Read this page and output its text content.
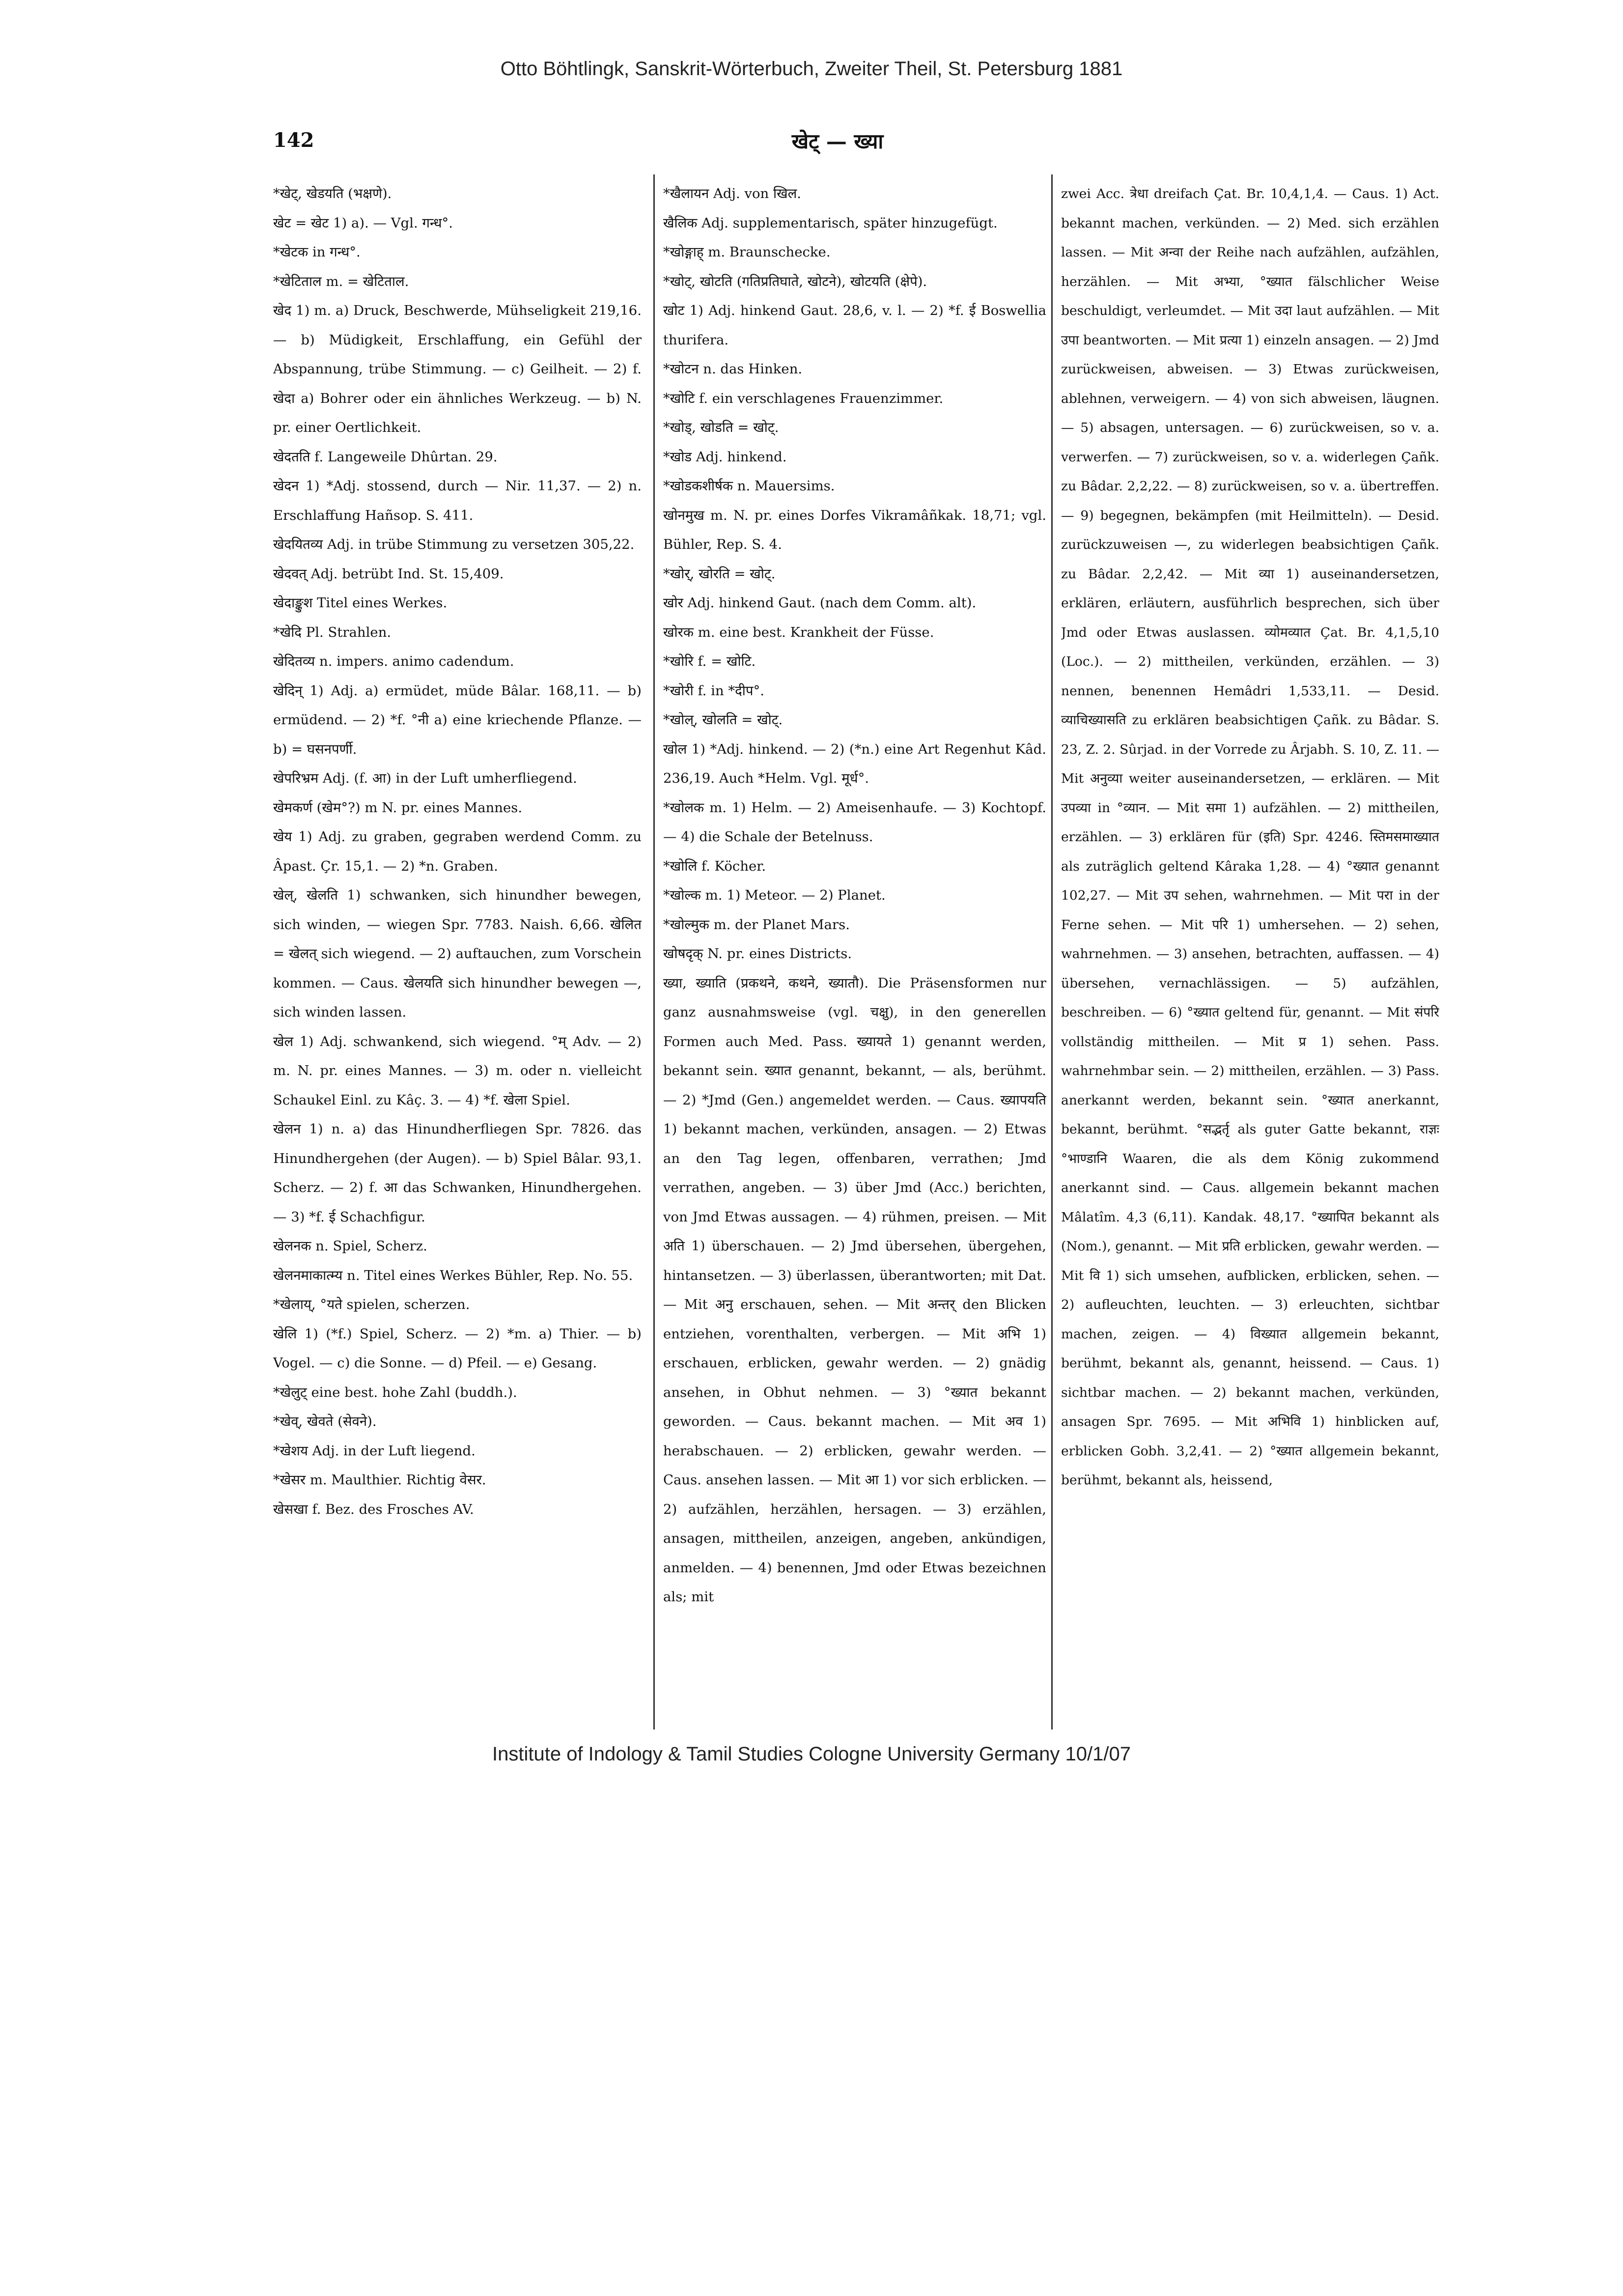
Otto Böhtlingk, Sanskrit-Wörterbuch, Zweiter Theil, St. Petersburg 1881
142	खेट् — ख्या

*खेट्, खेडयति (भक्षणे).

खेट = खेट 1) a). — Vgl. गन्ध°.

*खेटक in गन्ध°.

*खेटिताल m. = खेटिताल.

खेद 1) m. a) Druck, Beschwerde, Mühseligkeit 219,16. — b) Müdigkeit, Erschlaffung, ein Gefühl der Abspannung, trübe Stimmung. — c) Geilheit. — 2) f. खेदा a) Bohrer oder ein ähnliches Werkzeug. — b) N. pr. einer Oertlichkeit.

खेदतति f. Langeweile Dhûrtan. 29.

खेदन 1) *Adj. stossend, durch — Nir. 11,37. — 2) n. Erschlaffung Hañsop. S. 411.

खेदयितव्य Adj. in trübe Stimmung zu versetzen 305,22.

खेदवत् Adj. betrübt Ind. St. 15,409.

खेदाङ्कुश Titel eines Werkes.

*खेदि Pl. Strahlen.

खेदितव्य n. impers. animo cadendum.

खेदिन् 1) Adj. a) ermüdet, müde Bâlar. 168,11. — b) ermüdend. — 2) *f. °नी a) eine kriechende Pflanze. — b) = घसनपर्णी.

खेपरिभ्रम Adj. (f. आ) in der Luft umherfliegend.

खेमकर्ण (खेम°?) m N. pr. eines Mannes.

खेय 1) Adj. zu graben, gegraben werdend Comm. zu Âpast. Çr. 15,1. — 2) *n. Graben.

खेल्, खेलति 1) schwanken, sich hinundher bewegen, sich winden, — wiegen Spr. 7783. Naish. 6,66. खेलित = खेलत् sich wiegend. — 2) auftauchen, zum Vorschein kommen. — Caus. खेलयति sich hinundher bewegen —, sich winden lassen.

खेल 1) Adj. schwankend, sich wiegend. °म् Adv. — 2) m. N. pr. eines Mannes. — 3) m. oder n. vielleicht Schaukel Einl. zu Kâç. 3. — 4) *f. खेला Spiel.

खेलन 1) n. a) das Hinundherfliegen Spr. 7826. das Hinundhergehen (der Augen). — b) Spiel Bâlar. 93,1. Scherz. — 2) f. आ das Schwanken, Hinundhergehen. — 3) *f. ई Schachfigur.

खेलनक n. Spiel, Scherz.

खेलनमाकात्म्य n. Titel eines Werkes Bühler, Rep. No. 55.

*खेलाय्, °यते spielen, scherzen.

खेलि 1) (*f.) Spiel, Scherz. — 2) *m. a) Thier. — b) Vogel. — c) die Sonne. — d) Pfeil. — e) Gesang.

*खेलुट् eine best. hohe Zahl (buddh.).

*खेव्, खेवते (सेवने).

*खेशय Adj. in der Luft liegend.

*खेसर m. Maulthier. Richtig वेसर.

खेसखा f. Bez. des Frosches AV.

*खैलायन Adj. von खिल.

खैलिक Adj. supplementarisch, später hinzugefügt.

*खोङ्गाह् m. Braunschecke.

*खोट्, खोटति (गतिप्रतिघाते, खोटने), खोटयति (क्षेपे).

खोट 1) Adj. hinkend Gaut. 28,6, v. l. — 2) *f. ई Boswellia thurifera.

*खोटन n. das Hinken.

*खोटि f. ein verschlagenes Frauenzimmer.

*खोड्, खोडति = खोट्.

*खोड Adj. hinkend.

*खोडकशीर्षक n. Mauersims.

खोनमुख m. N. pr. eines Dorfes Vikramâñkak. 18,71; vgl. Bühler, Rep. S. 4.

*खोर्, खोरति = खोट्.

खोर Adj. hinkend Gaut. (nach dem Comm. alt).

खोरक m. eine best. Krankheit der Füsse.

*खोरि f. = खोटि.

*खोरी f. in *दीप°.

*खोल्, खोलति = खोट्.

खोल 1) *Adj. hinkend. — 2) (*n.) eine Art Regenhut Kâd. 236,19. Auch *Helm. Vgl. मूर्ध°.

*खोलक m. 1) Helm. — 2) Ameisenhaufe. — 3) Kochtopf. — 4) die Schale der Betelnuss.

*खोलि f. Köcher.

*खोल्क m. 1) Meteor. — 2) Planet.

*खोल्मुक m. der Planet Mars.

खोषदृक् N. pr. eines Districts.

ख्या, ख्याति (प्रकथने, कथने, ख्यातौ). Die Präsensformen nur ganz ausnahmsweise (vgl. चक्षु), in den generellen Formen auch Med. Pass. ख्यायते 1) genannt werden, bekannt sein. ख्यात genannt, bekannt, — als, berühmt. — 2) *Jmd (Gen.) angemeldet werden. — Caus. ख्यापयति 1) bekannt machen, verkünden, ansagen. — 2) Etwas an den Tag legen, offenbaren, verrathen; Jmd verrathen, angeben. — 3) über Jmd (Acc.) berichten, von Jmd Etwas aussagen. — 4) rühmen, preisen. — Mit अति 1) überschauen. — 2) Jmd übersehen, übergehen, hintansetzen. — 3) überlassen, überantworten; mit Dat. — Mit अनु erschauen, sehen. — Mit अन्तर् den Blicken entziehen, vorenthalten, verbergen. — Mit अभि 1) erschauen, erblicken, gewahr werden. — 2) gnädig ansehen, in Obhut nehmen. — 3) °ख्यात bekannt geworden. — Caus. bekannt machen. — Mit अव 1) herabschauen. — 2) erblicken, gewahr werden. — Caus. ansehen lassen. — Mit आ 1) vor sich erblicken. — 2) aufzählen, herzählen, hersagen. — 3) erzählen, ansagen, mittheilen, anzeigen, angeben, ankündigen, anmelden. — 4) benennen, Jmd oder Etwas bezeichnen als; mit

zwei Acc. त्रेधा dreifach Çat. Br. 10,4,1,4. — Caus. 1) Act. bekannt machen, verkünden. — 2) Med. sich erzählen lassen. — Mit अन्वा der Reihe nach aufzählen, aufzählen, herzählen. — Mit अभ्या, °ख्यात fälschlicher Weise beschuldigt, verleumdet. — Mit उदा laut aufzählen. — Mit उपा beantworten. — Mit प्रत्या 1) einzeln ansagen. — 2) Jmd zurückweisen, abweisen. — 3) Etwas zurückweisen, ablehnen, verweigern. — 4) von sich abweisen, läugnen. — 5) absagen, untersagen. — 6) zurückweisen, so v. a. verwerfen. — 7) zurückweisen, so v. a. widerlegen Çañk. zu Bâdar. 2,2,22. — 8) zurückweisen, so v. a. übertreffen. — 9) begegnen, bekämpfen (mit Heilmitteln). — Desid. zurückzuweisen —, zu widerlegen beabsichtigen Çañk. zu Bâdar. 2,2,42. — Mit व्या 1) auseinandersetzen, erklären, erläutern, ausführlich besprechen, sich über Jmd oder Etwas auslassen. व्योमव्यात Çat. Br. 4,1,5,10 (Loc.). — 2) mittheilen, verkünden, erzählen. — 3) nennen, benennen Hemâdri 1,533,11. — Desid. व्याचिख्यासति zu erklären beabsichtigen Çañk. zu Bâdar. S. 23, Z. 2. Sûrjad. in der Vorrede zu Ârjabh. S. 10, Z. 11. — Mit अनुव्या weiter auseinandersetzen, — erklären. — Mit उपव्या in °व्यान. — Mit समा 1) aufzählen. — 2) mittheilen, erzählen. — 3) erklären für (इति) Spr. 4246. स्तिमसमाख्यात als zuträglich geltend Kâraka 1,28. — 4) °ख्यात genannt 102,27. — Mit उप sehen, wahrnehmen. — Mit परा in der Ferne sehen. — Mit परि 1) umhersehen. — 2) sehen, wahrnehmen. — 3) ansehen, betrachten, auffassen. — 4) übersehen, vernachlässigen. — 5) aufzählen, beschreiben. — 6) °ख्यात geltend für, genannt. — Mit संपरि vollständig mittheilen. — Mit प्र 1) sehen. Pass. wahrnehmbar sein. — 2) mittheilen, erzählen. — 3) Pass. anerkannt werden, bekannt sein. °ख्यात anerkannt, bekannt, berühmt. °सद्भर्तृ als guter Gatte bekannt, राज्ञः °भाण्डानि Waaren, die als dem König zukommend anerkannt sind. — Caus. allgemein bekannt machen Mâlatîm. 4,3 (6,11). Kandak. 48,17. °ख्यापित bekannt als (Nom.), genannt. — Mit प्रति erblicken, gewahr werden. — Mit वि 1) sich umsehen, aufblicken, erblicken, sehen. — 2) aufleuchten, leuchten. — 3) erleuchten, sichtbar machen, zeigen. — 4) विख्यात allgemein bekannt, berühmt, bekannt als, genannt, heissend. — Caus. 1) sichtbar machen. — 2) bekannt machen, verkünden, ansagen Spr. 7695. — Mit अभिवि 1) hinblicken auf, erblicken Gobh. 3,2,41. — 2) °ख्यात allgemein bekannt, berühmt, bekannt als, heissend,

Institute of Indology & Tamil Studies Cologne University Germany 10/1/07
